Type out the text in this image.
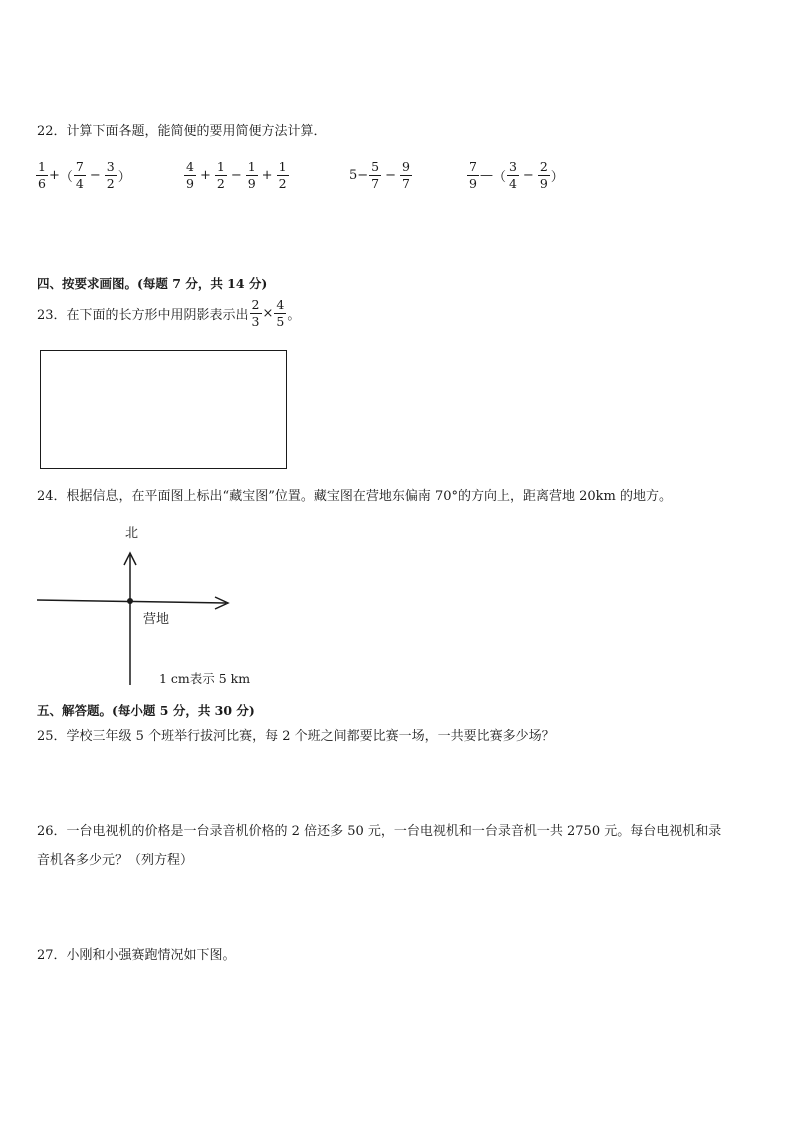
22．计算下面各题，能简便的要用简便方法计算．
$\frac{1}{6}$ + （ $\frac{7}{4} - \frac{3}{2}$ ）	$\frac{4}{9} + \frac{1}{2} - \frac{1}{9} + \frac{1}{2}$	$5- \frac{5}{7} - \frac{9}{7}$	$\frac{7}{9}$ — （ $\frac{3}{4} - \frac{2}{9}$ ）
四、按要求画图。(每题 7 分，共 14 分)
23．在下面的长方形中用阴影表示出 $\frac{2}{3} \times \frac{4}{5}$ 。
24．根据信息，在平面图上标出“藏宝图”位置。藏宝图在营地东偏南 70°的方向上，距离营地 20km 的地方。
北
营地
1 cm表示 5 km
五、解答题。(每小题 5 分，共 30 分)
25．学校三年级 5 个班举行拔河比赛，每 2 个班之间都要比赛一场，一共要比赛多少场？
26．一台电视机的价格是一台录音机价格的 2 倍还多 50 元，一台电视机和一台录音机一共 2750 元。每台电视机和录
音机各多少元？（列方程）
27．小刚和小强赛跑情况如下图。
